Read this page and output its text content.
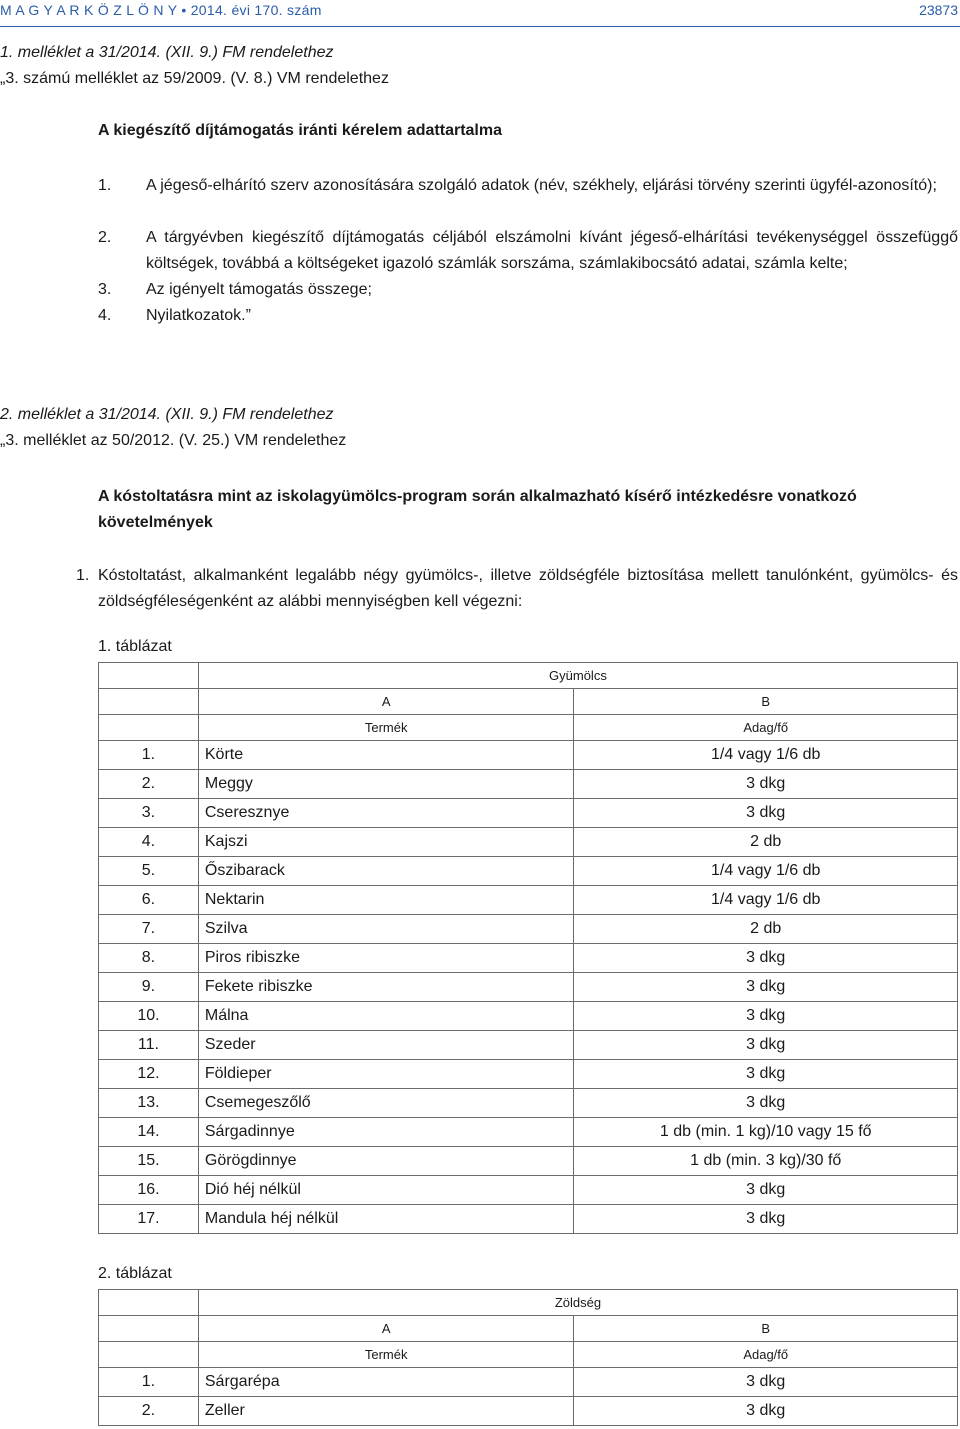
M A G Y A R K Ö Z L Ö N Y • 2014. évi 170. szám	23873
1. melléklet a 31/2014. (XII. 9.) FM rendelethez
„3. számú melléklet az 59/2009. (V. 8.) VM rendelethez
A kiegészítő díjtámogatás iránti kérelem adattartalma
1.	A jégeső-elhárító szerv azonosítására szolgáló adatok (név, székhely, eljárási törvény szerinti ügyfél-azonosító);
2.	A tárgyévben kiegészítő díjtámogatás céljából elszámolni kívánt jégeső-elhárítási tevékenységgel összefüggő költségek, továbbá a költségeket igazoló számlák sorszáma, számlakibocsátó adatai, számla kelte;
3.	Az igényelt támogatás összege;
4.	Nyilatkozatok.”
2. melléklet a 31/2014. (XII. 9.) FM rendelethez
„3. melléklet az 50/2012. (V. 25.) VM rendelethez
A kóstoltatásra mint az iskolagyümölcs-program során alkalmazható kísérő intézkedésre vonatkozó követelmények
1. Kóstoltatást, alkalmanként legalább négy gyümölcs-, illetve zöldségféle biztosítása mellett tanulónként, gyümölcs- és zöldségféleségenként az alábbi mennyiségben kell végezni:
1. táblázat
	Gyümölcs	
	A	B
	Termék	Adag/fő
1.	Körte	1/4 vagy 1/6 db
2.	Meggy	3 dkg
3.	Cseresznye	3 dkg
4.	Kajszi	2 db
5.	Őszibarack	1/4 vagy 1/6 db
6.	Nektarin	1/4 vagy 1/6 db
7.	Szilva	2 db
8.	Piros ribiszke	3 dkg
9.	Fekete ribiszke	3 dkg
10.	Málna	3 dkg
11.	Szeder	3 dkg
12.	Földieper	3 dkg
13.	Csemegeszőlő	3 dkg
14.	Sárgadinnye	1 db (min. 1 kg)/10 vagy 15 fő
15.	Görögdinnye	1 db (min. 3 kg)/30 fő
16.	Dió héj nélkül	3 dkg
17.	Mandula héj nélkül	3 dkg
2. táblázat
	Zöldség	
	A	B
	Termék	Adag/fő
1.	Sárgarépa	3 dkg
2.	Zeller	3 dkg
